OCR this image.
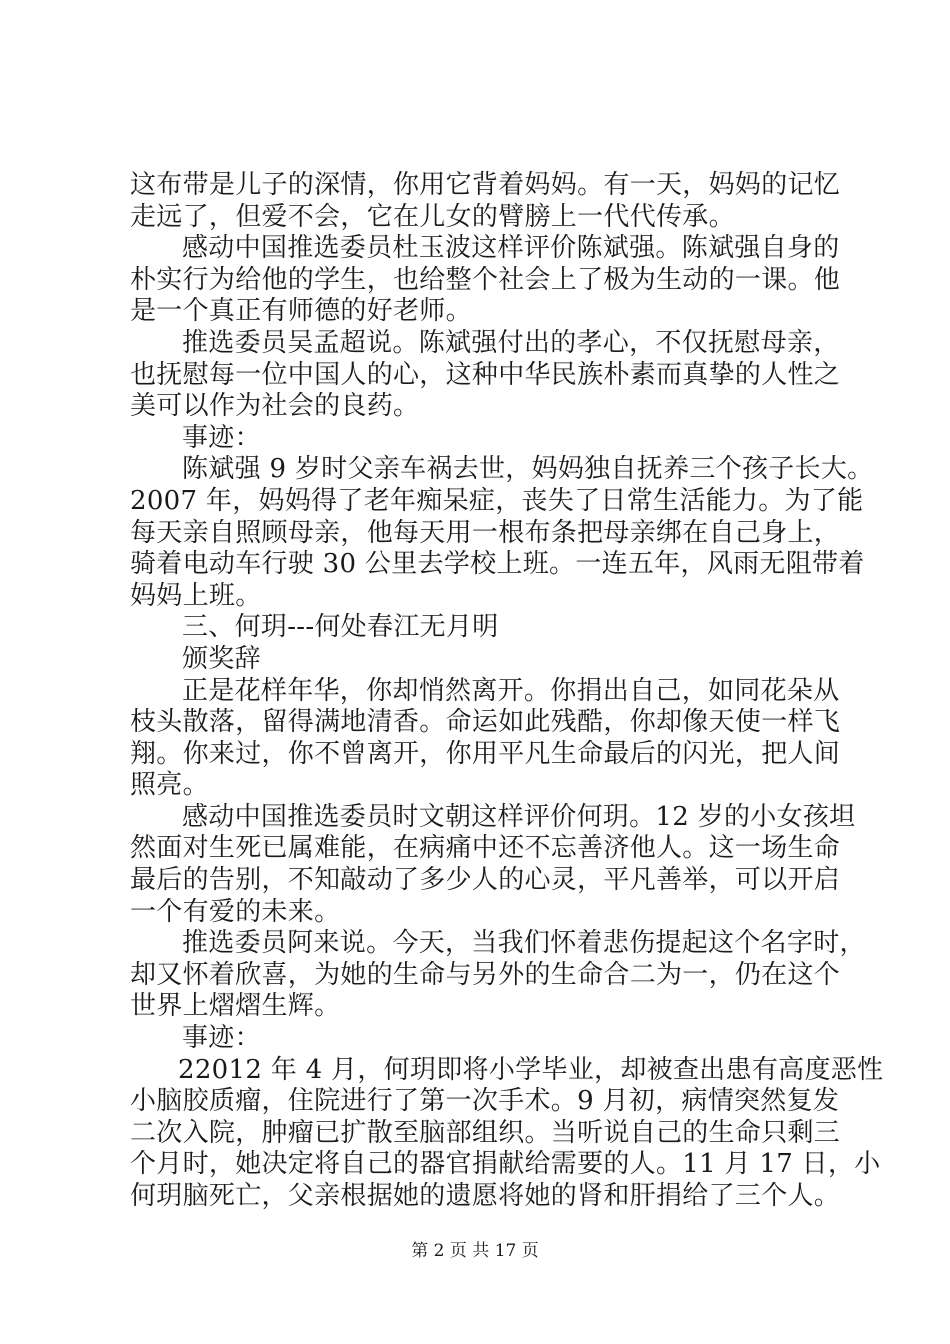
这布带是儿子的深情，你用它背着妈妈。有一天，妈妈的记忆
走远了，但爱不会，它在儿女的臂膀上一代代传承。
感动中国推选委员杜玉波这样评价陈斌强。陈斌强自身的
朴实行为给他的学生，也给整个社会上了极为生动的一课。他
是一个真正有师德的好老师。
推选委员吴孟超说。陈斌强付出的孝心，不仅抚慰母亲，
也抚慰每一位中国人的心，这种中华民族朴素而真挚的人性之
美可以作为社会的良药。
事迹：
陈斌强 9 岁时父亲车祸去世，妈妈独自抚养三个孩子长大。
2007 年，妈妈得了老年痴呆症，丧失了日常生活能力。为了能
每天亲自照顾母亲，他每天用一根布条把母亲绑在自己身上，
骑着电动车行驶 30 公里去学校上班。一连五年，风雨无阻带着
妈妈上班。
三、何玥---何处春江无月明
颁奖辞
正是花样年华，你却悄然离开。你捐出自己，如同花朵从
枝头散落，留得满地清香。命运如此残酷，你却像天使一样飞
翔。你来过，你不曾离开，你用平凡生命最后的闪光，把人间
照亮。
感动中国推选委员时文朝这样评价何玥。12 岁的小女孩坦
然面对生死已属难能，在病痛中还不忘善济他人。这一场生命
最后的告别，不知敲动了多少人的心灵，平凡善举，可以开启
一个有爱的未来。
推选委员阿来说。今天，当我们怀着悲伤提起这个名字时，
却又怀着欣喜，为她的生命与另外的生命合二为一，仍在这个
世界上熠熠生辉。
事迹：
22012 年 4 月，何玥即将小学毕业，却被查出患有高度恶性
小脑胶质瘤，住院进行了第一次手术。9 月初，病情突然复发
二次入院，肿瘤已扩散至脑部组织。当听说自己的生命只剩三
个月时，她决定将自己的器官捐献给需要的人。11 月 17 日，小
何玥脑死亡，父亲根据她的遗愿将她的肾和肝捐给了三个人。
第 2 页 共 17 页
